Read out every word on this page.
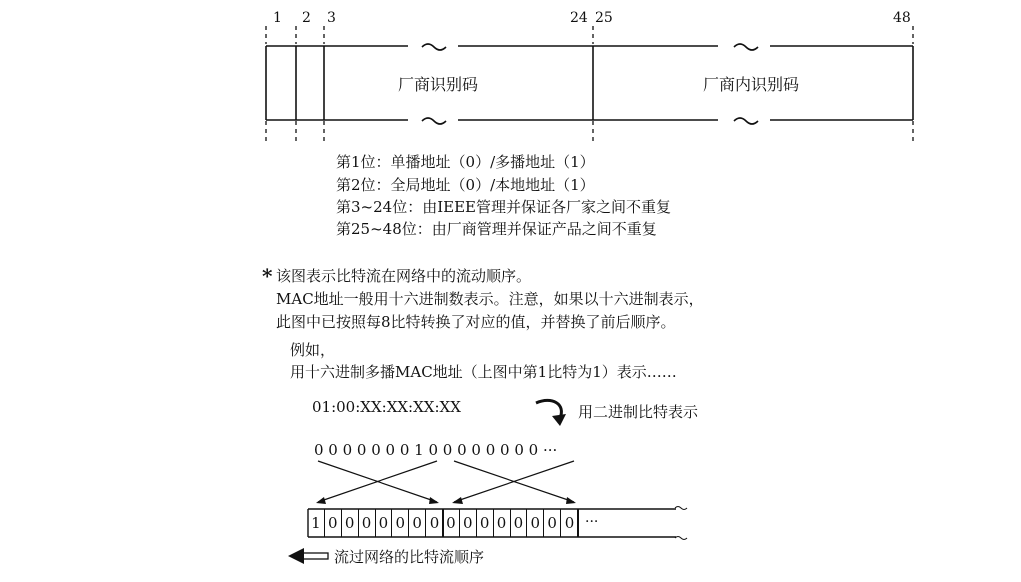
1 2 3	24 25	48
厂商识别码	厂商内识别码
第1位：单播地址（0）/多播地址（1）
第2位：全局地址（0）/本地地址（1）
第3~24位：由IEEE管理并保证各厂家之间不重复
第25~48位：由厂商管理并保证产品之间不重复
* 该图表示比特流在网络中的流动顺序。
MAC地址一般用十六进制数表示。注意，如果以十六进制表示，
此图中已按照每8比特转换了对应的值，并替换了前后顺序。
例如，
用十六进制多播MAC地址（上图中第1比特为1）表示……
01:00:XX:XX:XX:XX	用二进制比特表示
0 0 0 0 0 0 0 1 0 0 0 0 0 0 0 0 ···
1 0 0 0 0 0 0 0 0 0 0 0 0 0 0 0 ···
流过网络的比特流顺序
